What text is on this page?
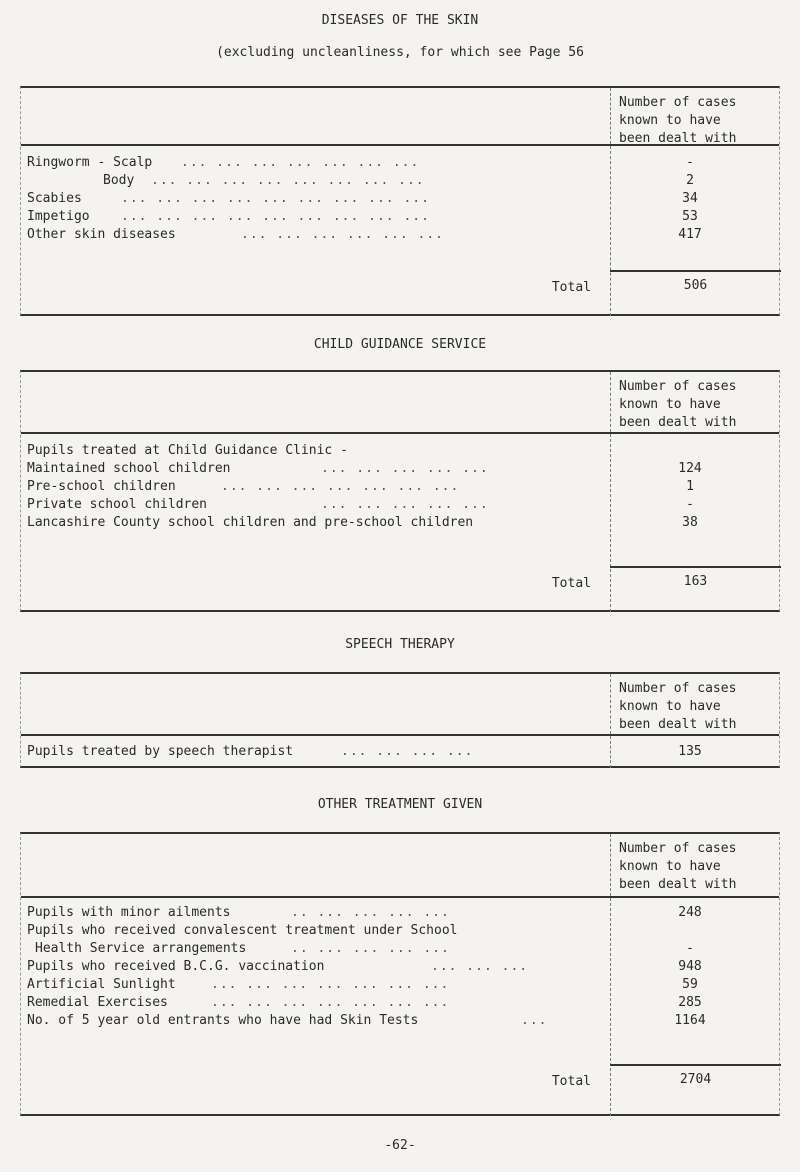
DISEASES OF THE SKIN
(excluding uncleanliness, for which see Page 56
Number of cases
known to have
been dealt with
Ringworm - Scalp ... ... ... ... ... ... ...	-
Body ... ... ... ... ... ... ... ...	2
Scabies	... ... ... ... ... ... ... ... ...	34
Impetigo ... ... ... ... ... ... ... ... ...	53
Other skin diseases	... ... ... ... ... ...	417
Total	506
CHILD GUIDANCE SERVICE
Number of cases
known to have
been dealt with
Pupils treated at Child Guidance Clinic -
Maintained school children	... ... ... ... ...	124
Pre-school children	... ... ... ... ... ... ...	1
Private school children	... ... ... ... ...	-
Lancashire County school children and pre-school children	38
Total	163
SPEECH THERAPY
Number of cases
known to have
been dealt with
Pupils treated by speech therapist	... ... ... ...	135
OTHER TREATMENT GIVEN
Number of cases
known to have
been dealt with
Pupils with minor ailments	.. ... ... ... ...	248
Pupils who received convalescent treatment under School
Health Service arrangements	.. ... ... ... ...	-
Pupils who received B.C.G. vaccination	... ... ...	948
Artificial Sunlight	... ... ... ... ... ... ...	59
Remedial Exercises	... ... ... ... ... ... ...	285
No. of 5 year old entrants who have had Skin Tests	...	1164
Total	2704
-62-
